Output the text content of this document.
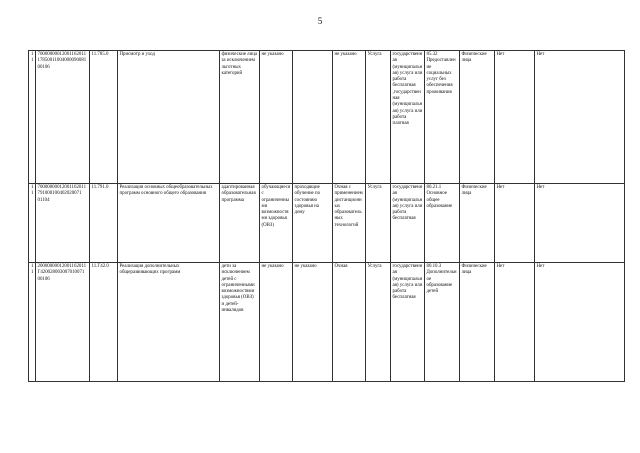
5
11	700000000120011620111785001100400009008100106	11.785.0	Присмотр и уход	физические лица за исключением льготных категорий	не указано		не указано	Услуга	государственная (муниципальная) услуга или работа бесплатная ,государственная (муниципальная) услуга или работа платная	85.32 Предоставление социальных услуг без обеспечения проживания	Физические лица	Нет	Нет
11	70000000012001162011791000100402020071 01104	11.791.0	Реализация основных общеобразовательных программ основного общего образования	адаптированная образовательная программа	обучающиеся с ограниченными возможностями здоровья (ОВЗ)	проходящие обучение по состоянию здоровья на дому	Очная с применением дистанционных образовательных технологий	Услуга	государственная (муниципальная) услуга или работа бесплатная	80.21.1 Основное общее образование	Физические лица	Нет	Нет
11	20000000012001162011Г420028003007010071 00106	11.Г42.0	Реализация дополнительных общеразвивающих программ	дети за исключением детей с ограниченными возможностями здоровья (ОВЗ) и детей-инвалидов	не указано	не указано	Очная	Услуга	государственная (муниципальная) услуга или работа бесплатная	80.10.3 Дополнительное образование детей	Физические лица	Нет	Нет
